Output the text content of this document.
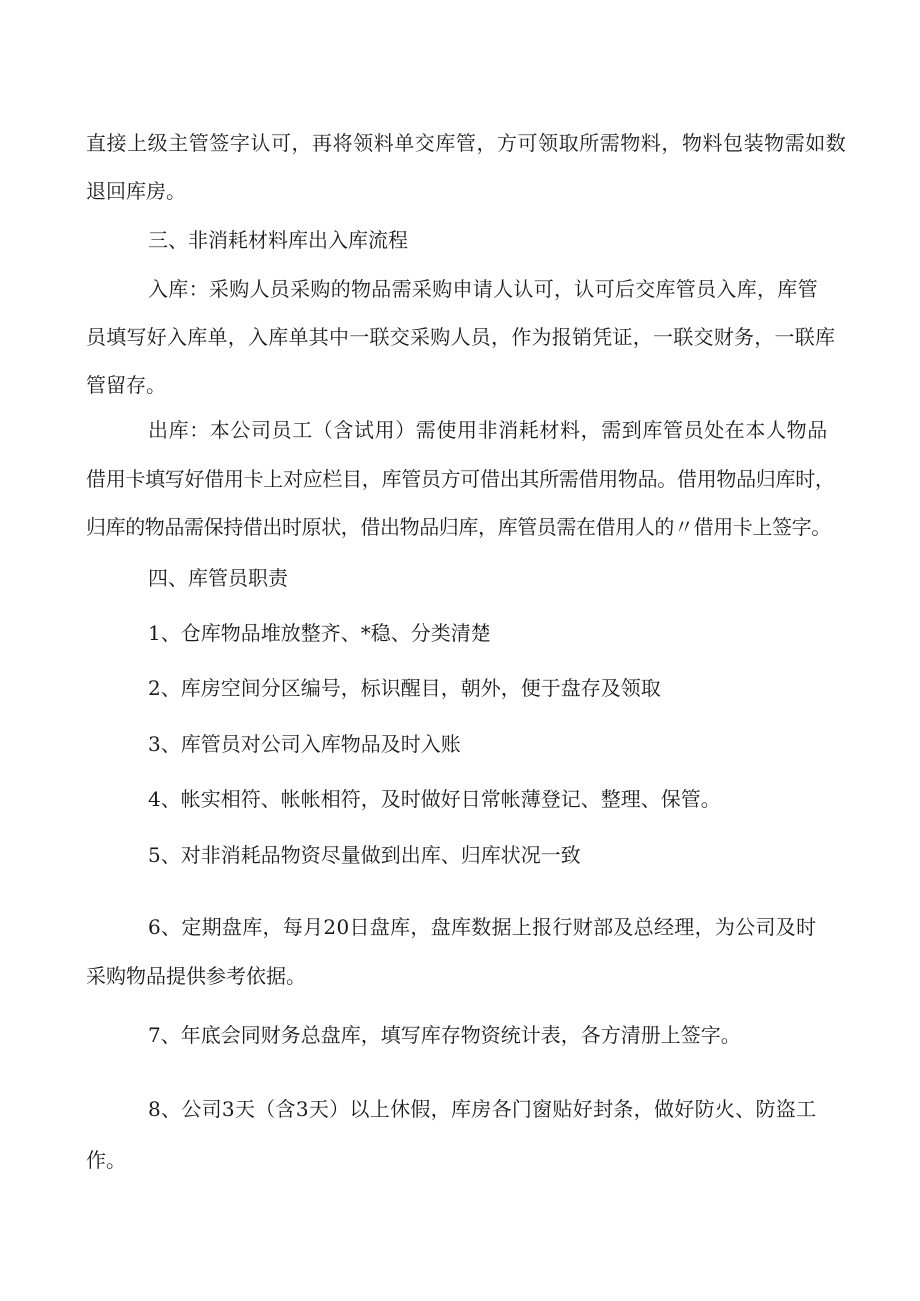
直接上级主管签字认可，再将领料单交库管，方可领取所需物料，物料包装物需如数
退回库房。
三、非消耗材料库出入库流程
入库：采购人员采购的物品需采购申请人认可，认可后交库管员入库，库管
员填写好入库单，入库单其中一联交采购人员，作为报销凭证，一联交财务，一联库
管留存。
出库：本公司员工（含试用）需使用非消耗材料，需到库管员处在本人物品
借用卡填写好借用卡上对应栏目，库管员方可借出其所需借用物品。借用物品归库时，
归库的物品需保持借出时原状，借出物品归库，库管员需在借用人的〃借用卡上签字。
四、库管员职责
1、仓库物品堆放整齐、*稳、分类清楚
2、库房空间分区编号，标识醒目，朝外，便于盘存及领取
3、库管员对公司入库物品及时入账
4、帐实相符、帐帐相符，及时做好日常帐薄登记、整理、保管。
5、对非消耗品物资尽量做到出库、归库状况一致
6、定期盘库，每月20日盘库，盘库数据上报行财部及总经理，为公司及时
采购物品提供参考依据。
7、年底会同财务总盘库，填写库存物资统计表，各方清册上签字。
8、公司3天（含3天）以上休假，库房各门窗贴好封条，做好防火、防盗工
作。
